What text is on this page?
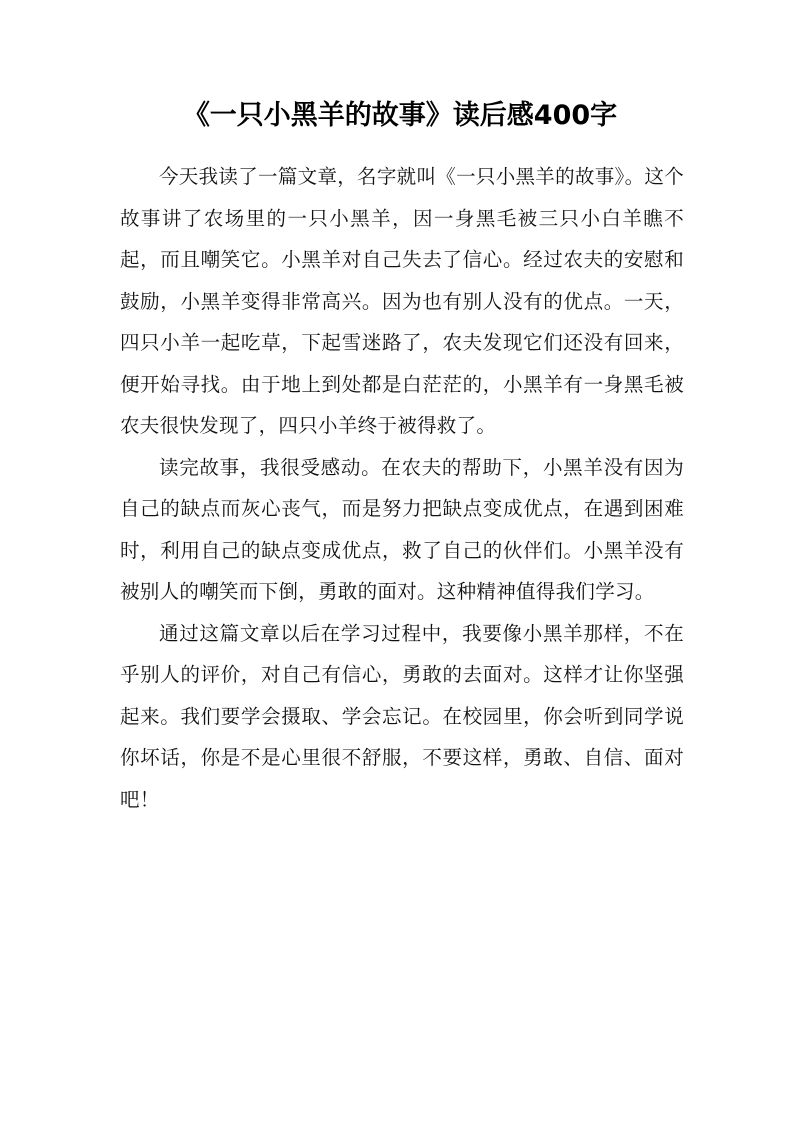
《一只小黑羊的故事》读后感400字

今天我读了一篇文章，名字就叫《一只小黑羊的故事》。这个故事讲了农场里的一只小黑羊，因一身黑毛被三只小白羊瞧不起，而且嘲笑它。小黑羊对自己失去了信心。经过农夫的安慰和鼓励，小黑羊变得非常高兴。因为也有别人没有的优点。一天，四只小羊一起吃草，下起雪迷路了，农夫发现它们还没有回来，便开始寻找。由于地上到处都是白茫茫的，小黑羊有一身黑毛被农夫很快发现了，四只小羊终于被得救了。

读完故事，我很受感动。在农夫的帮助下，小黑羊没有因为自己的缺点而灰心丧气，而是努力把缺点变成优点，在遇到困难时，利用自己的缺点变成优点，救了自己的伙伴们。小黑羊没有被别人的嘲笑而下倒，勇敢的面对。这种精神值得我们学习。

通过这篇文章以后在学习过程中，我要像小黑羊那样，不在乎别人的评价，对自己有信心，勇敢的去面对。这样才让你坚强起来。我们要学会摄取、学会忘记。在校园里，你会听到同学说你坏话，你是不是心里很不舒服，不要这样，勇敢、自信、面对吧！
